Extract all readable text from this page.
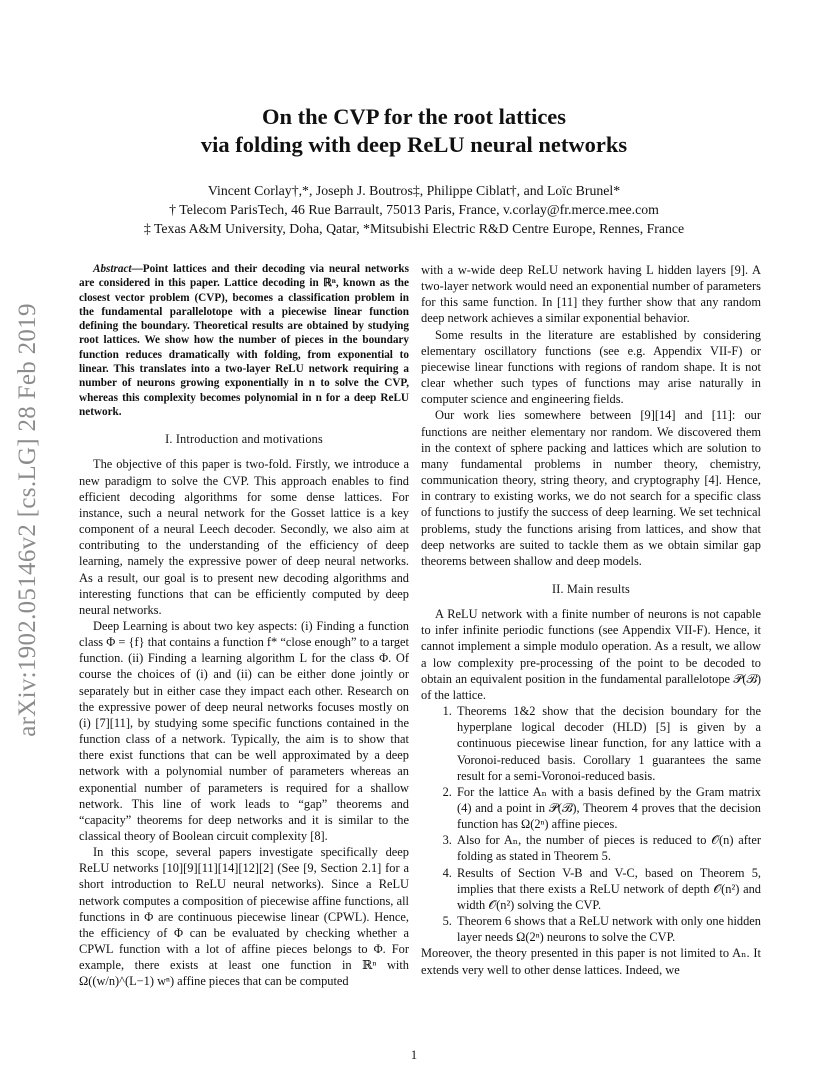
arXiv:1902.05146v2 [cs.LG] 28 Feb 2019
On the CVP for the root lattices
via folding with deep ReLU neural networks
Vincent Corlay†,*, Joseph J. Boutros‡, Philippe Ciblat†, and Loïc Brunel*
† Telecom ParisTech, 46 Rue Barrault, 75013 Paris, France, v.corlay@fr.merce.mee.com
‡ Texas A&M University, Doha, Qatar, *Mitsubishi Electric R&D Centre Europe, Rennes, France

Abstract—Point lattices and their decoding via neural networks are considered in this paper. Lattice decoding in ℝⁿ, known as the closest vector problem (CVP), becomes a classification problem in the fundamental parallelotope with a piecewise linear function defining the boundary. Theoretical results are obtained by studying root lattices. We show how the number of pieces in the boundary function reduces dramatically with folding, from exponential to linear. This translates into a two-layer ReLU network requiring a number of neurons growing exponentially in n to solve the CVP, whereas this complexity becomes polynomial in n for a deep ReLU network.

I. Introduction and motivations

The objective of this paper is two-fold. Firstly, we introduce a new paradigm to solve the CVP. This approach enables to find efficient decoding algorithms for some dense lattices. For instance, such a neural network for the Gosset lattice is a key component of a neural Leech decoder. Secondly, we also aim at contributing to the understanding of the efficiency of deep learning, namely the expressive power of deep neural networks. As a result, our goal is to present new decoding algorithms and interesting functions that can be efficiently computed by deep neural networks.

Deep Learning is about two key aspects: (i) Finding a function class Φ = {f} that contains a function f* “close enough” to a target function. (ii) Finding a learning algorithm L for the class Φ. Of course the choices of (i) and (ii) can be either done jointly or separately but in either case they impact each other. Research on the expressive power of deep neural networks focuses mostly on (i) [7][11], by studying some specific functions contained in the function class of a network. Typically, the aim is to show that there exist functions that can be well approximated by a deep network with a polynomial number of parameters whereas an exponential number of parameters is required for a shallow network. This line of work leads to “gap” theorems and “capacity” theorems for deep networks and it is similar to the classical theory of Boolean circuit complexity [8].

In this scope, several papers investigate specifically deep ReLU networks [10][9][11][14][12][2] (See [9, Section 2.1] for a short introduction to ReLU neural networks). Since a ReLU network computes a composition of piecewise affine functions, all functions in Φ are continuous piecewise linear (CPWL). Hence, the efficiency of Φ can be evaluated by checking whether a CPWL function with a lot of affine pieces belongs to Φ. For example, there exists at least one function in ℝⁿ with Ω((w/n)^(L−1) wⁿ) affine pieces that can be computed

with a w-wide deep ReLU network having L hidden layers [9]. A two-layer network would need an exponential number of parameters for this same function. In [11] they further show that any random deep network achieves a similar exponential behavior.

Some results in the literature are established by considering elementary oscillatory functions (see e.g. Appendix VII-F) or piecewise linear functions with regions of random shape. It is not clear whether such types of functions may arise naturally in computer science and engineering fields.

Our work lies somewhere between [9][14] and [11]: our functions are neither elementary nor random. We discovered them in the context of sphere packing and lattices which are solution to many fundamental problems in number theory, chemistry, communication theory, string theory, and cryptography [4]. Hence, in contrary to existing works, we do not search for a specific class of functions to justify the success of deep learning. We set technical problems, study the functions arising from lattices, and show that deep networks are suited to tackle them as we obtain similar gap theorems between shallow and deep models.

II. Main results

A ReLU network with a finite number of neurons is not capable to infer infinite periodic functions (see Appendix VII-F). Hence, it cannot implement a simple modulo operation. As a result, we allow a low complexity pre-processing of the point to be decoded to obtain an equivalent position in the fundamental parallelotope 𝒫(ℬ) of the lattice.

1. Theorems 1&2 show that the decision boundary for the hyperplane logical decoder (HLD) [5] is given by a continuous piecewise linear function, for any lattice with a Voronoi-reduced basis. Corollary 1 guarantees the same result for a semi-Voronoi-reduced basis.
2. For the lattice Aₙ with a basis defined by the Gram matrix (4) and a point in 𝒫(ℬ), Theorem 4 proves that the decision function has Ω(2ⁿ) affine pieces.
3. Also for Aₙ, the number of pieces is reduced to 𝒪(n) after folding as stated in Theorem 5.
4. Results of Section V-B and V-C, based on Theorem 5, implies that there exists a ReLU network of depth 𝒪(n²) and width 𝒪(n²) solving the CVP.
5. Theorem 6 shows that a ReLU network with only one hidden layer needs Ω(2ⁿ) neurons to solve the CVP.

Moreover, the theory presented in this paper is not limited to Aₙ. It extends very well to other dense lattices. Indeed, we

1
